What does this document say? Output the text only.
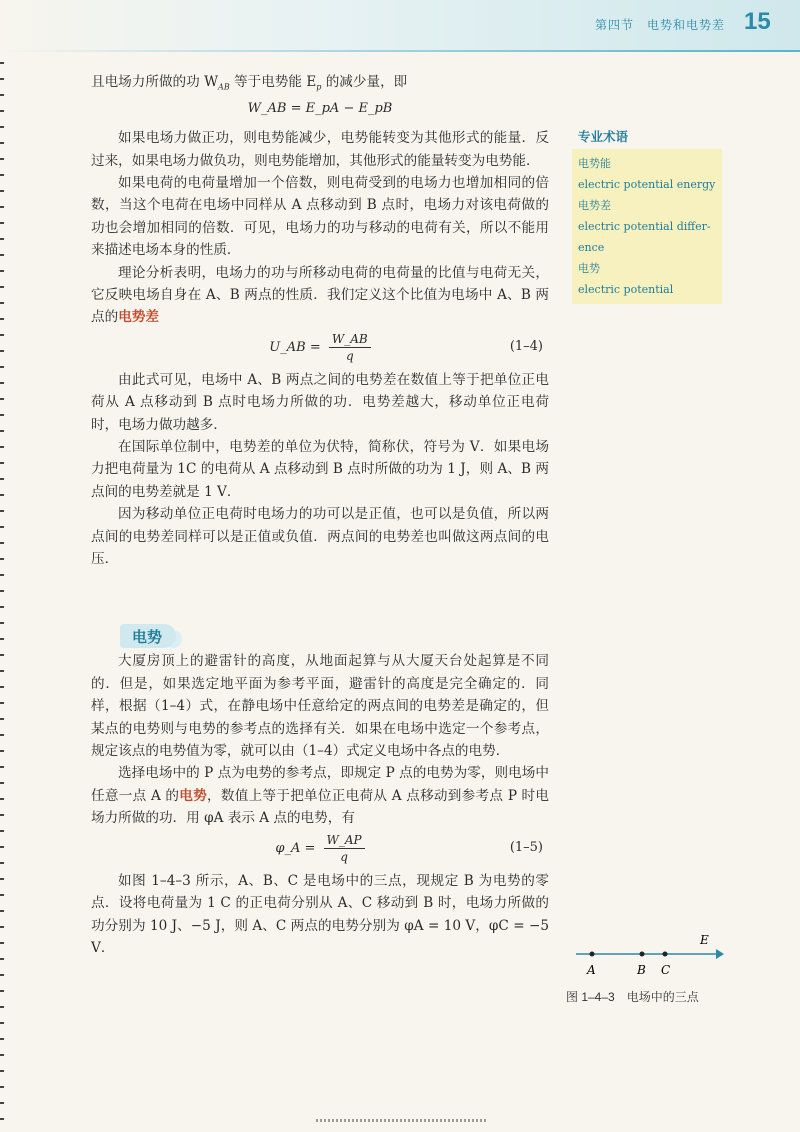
第四节　电势和电势差 15

且电场力所做的功 $W_{AB}$ 等于电势能 $E_p$ 的减少量，即

W_AB = E_pA − E_pB

如果电场力做正功，则电势能减少，电势能转变为其他形式的能量．反过来，如果电场力做负功，则电势能增加，其他形式的能量转变为电势能．

如果电荷的电荷量增加一个倍数，则电荷受到的电场力也增加相同的倍数，当这个电荷在电场中同样从 A 点移动到 B 点时，电场力对该电荷做的功也会增加相同的倍数．可见，电场力的功与移动的电荷有关，所以不能用来描述电场本身的性质．

理论分析表明，电场力的功与所移动电荷的电荷量的比值与电荷无关，它反映电场自身在 A、B 两点的性质．我们定义这个比值为电场中 A、B 两点的电势差

U_AB = $\frac{W\_AB}{q}$	(1–4)

由此式可见，电场中 A、B 两点之间的电势差在数值上等于把单位正电荷从 A 点移动到 B 点时电场力所做的功．电势差越大，移动单位正电荷时，电场力做功越多．

在国际单位制中，电势差的单位为伏特，简称伏，符号为 V．如果电场力把电荷量为 1C 的电荷从 A 点移动到 B 点时所做的功为 1 J，则 A、B 两点间的电势差就是 1 V．

因为移动单位正电荷时电场力的功可以是正值，也可以是负值，所以两点间的电势差同样可以是正值或负值．两点间的电势差也叫做这两点间的电压．

大厦房顶上的避雷针的高度，从地面起算与从大厦天台处起算是不同的．但是，如果选定地平面为参考平面，避雷针的高度是完全确定的．同样，根据（1–4）式，在静电场中任意给定的两点间的电势差是确定的，但某点的电势则与电势的参考点的选择有关．如果在电场中选定一个参考点，规定该点的电势值为零，就可以由（1–4）式定义电场中各点的电势．

选择电场中的 P 点为电势的参考点，即规定 P 点的电势为零，则电场中任意一点 A 的电势，数值上等于把单位正电荷从 A 点移动到参考点 P 时电场力所做的功．用 φA 表示 A 点的电势，有

φ_A = $\frac{W\_AP}{q}$	(1–5)

如图 1–4–3 所示，A、B、C 是电场中的三点，现规定 B 为电势的零点．设将电荷量为 1 C 的正电荷分别从 A、C 移动到 B 时，电场力所做的功分别为 10 J、−5 J，则 A、C 两点的电势分别为 φA = 10 V，φC = −5 V．

电势
专业术语
电势能
electric potential energy
电势差
electric potential differ-ence
电势
electric potential
E
A	B C
图 1–4–3　电场中的三点
